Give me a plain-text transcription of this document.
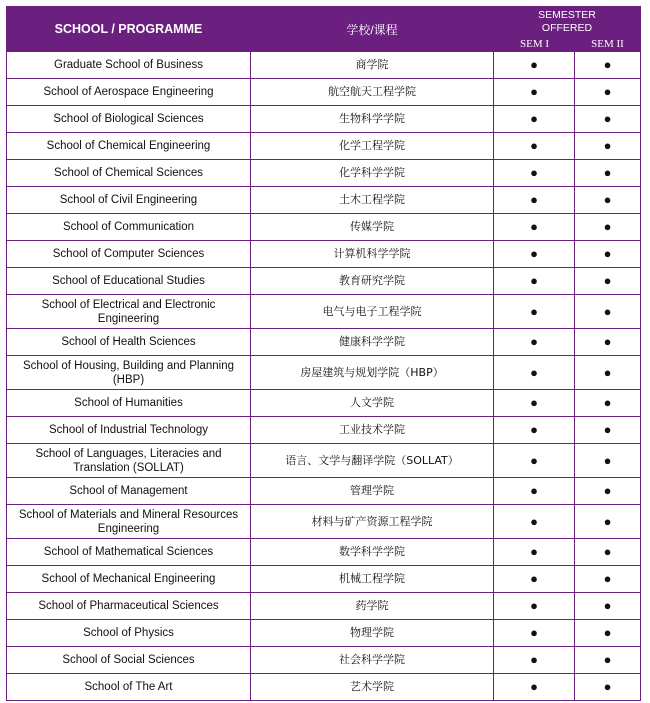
SCHOOL / PROGRAMME	学校/课程	SEMESTER
OFFERED
SEM I SEM II	

Graduate School of Business	商学院	●	●
School of Aerospace Engineering	航空航天工程学院	●	●
School of Biological Sciences	生物科学学院	●	●
School of Chemical Engineering	化学工程学院	●	●
School of Chemical Sciences	化学科学学院	●	●
School of Civil Engineering	土木工程学院	●	●
School of Communication	传媒学院	●	●
School of Computer Sciences	计算机科学学院	●	●
School of Educational Studies	教育研究学院	●	●
School of Electrical and Electronic Engineering	电气与电子工程学院	●	●
School of Health Sciences	健康科学学院	●	●
School of Housing, Building and Planning (HBP)	房屋建筑与规划学院（HBP）	●	●
School of Humanities	人文学院	●	●
School of Industrial Technology	工业技术学院	●	●
School of Languages, Literacies and Translation (SOLLAT)	语言、文学与翻译学院（SOLLAT）	●	●
School of Management	管理学院	●	●
School of Materials and Mineral Resources Engineering	材料与矿产资源工程学院	●	●
School of Mathematical Sciences	数学科学学院	●	●
School of Mechanical Engineering	机械工程学院	●	●
School of Pharmaceutical Sciences	药学院	●	●
School of Physics	物理学院	●	●
School of Social Sciences	社会科学学院	●	●
School of The Art	艺术学院	●	●
